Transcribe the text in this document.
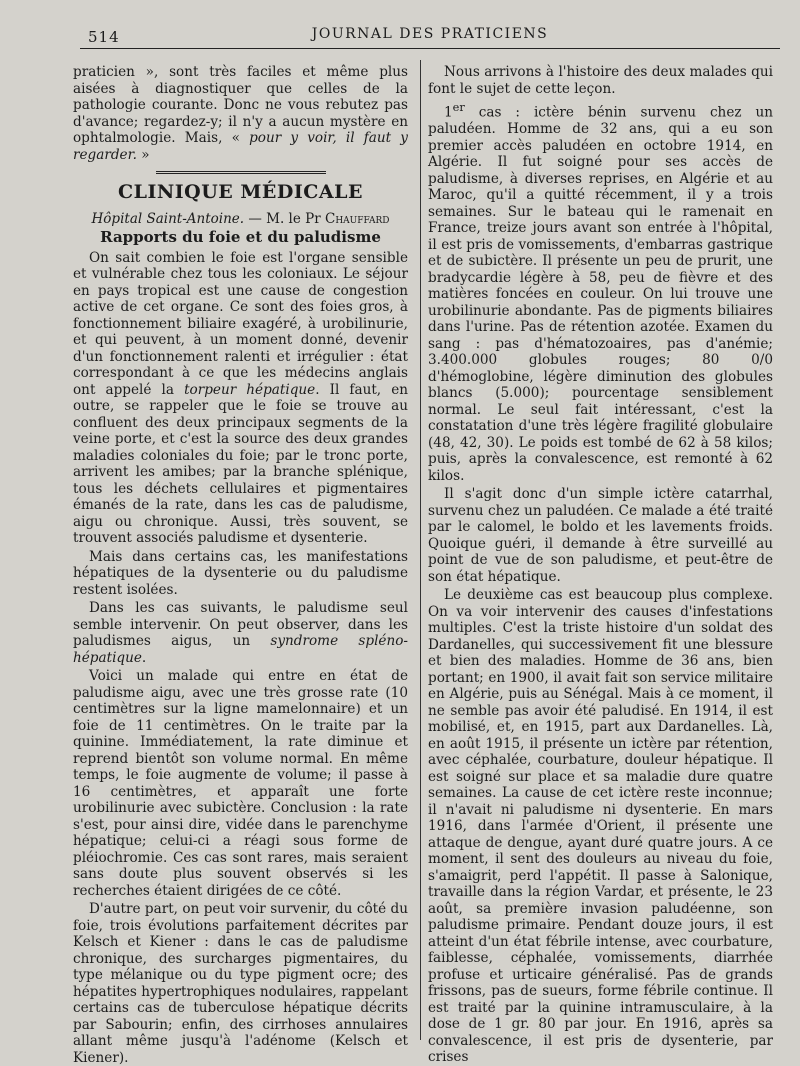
514	JOURNAL DES PRATICIENS

praticien », sont très faciles et même plus aisées à diagnostiquer que celles de la pathologie courante. Donc ne vous rebutez pas d'avance; regardez-y; il n'y a aucun mystère en ophtalmologie. Mais, « pour y voir, il faut y regarder. »

CLINIQUE MÉDICALE
Hôpital Saint-Antoine. — M. le Pr Chauffard
Rapports du foie et du paludisme

On sait combien le foie est l'organe sensible et vulnérable chez tous les coloniaux. Le séjour en pays tropical est une cause de congestion active de cet organe. Ce sont des foies gros, à fonctionnement biliaire exagéré, à urobilinurie, et qui peuvent, à un moment donné, devenir d'un fonctionnement ralenti et irrégulier : état correspondant à ce que les médecins anglais ont appelé la torpeur hépatique. Il faut, en outre, se rappeler que le foie se trouve au confluent des deux principaux segments de la veine porte, et c'est la source des deux grandes maladies coloniales du foie; par le tronc porte, arrivent les amibes; par la branche splénique, tous les déchets cellulaires et pigmentaires émanés de la rate, dans les cas de paludisme, aigu ou chronique. Aussi, très souvent, se trouvent associés paludisme et dysenterie.

Mais dans certains cas, les manifestations hépatiques de la dysenterie ou du paludisme restent isolées.

Dans les cas suivants, le paludisme seul semble intervenir. On peut observer, dans les paludismes aigus, un syndrome spléno-hépatique.

Voici un malade qui entre en état de paludisme aigu, avec une très grosse rate (10 centimètres sur la ligne mamelonnaire) et un foie de 11 centimètres. On le traite par la quinine. Immédiatement, la rate diminue et reprend bientôt son volume normal. En même temps, le foie augmente de volume; il passe à 16 centimètres, et apparaît une forte urobilinurie avec subictère. Conclusion : la rate s'est, pour ainsi dire, vidée dans le parenchyme hépatique; celui-ci a réagi sous forme de pléiochromie. Ces cas sont rares, mais seraient sans doute plus souvent observés si les recherches étaient dirigées de ce côté.

D'autre part, on peut voir survenir, du côté du foie, trois évolutions parfaitement décrites par Kelsch et Kiener : dans le cas de paludisme chronique, des surcharges pigmentaires, du type mélanique ou du type pigment ocre; des hépatites hypertrophiques nodulaires, rappelant certains cas de tuberculose hépatique décrits par Sabourin; enfin, des cirrhoses annulaires allant même jusqu'à l'adénome (Kelsch et Kiener).

Nous arrivons à l'histoire des deux malades qui font le sujet de cette leçon.

1er cas : ictère bénin survenu chez un paludéen. Homme de 32 ans, qui a eu son premier accès paludéen en octobre 1914, en Algérie. Il fut soigné pour ses accès de paludisme, à diverses reprises, en Algérie et au Maroc, qu'il a quitté récemment, il y a trois semaines. Sur le bateau qui le ramenait en France, treize jours avant son entrée à l'hôpital, il est pris de vomissements, d'embarras gastrique et de subictère. Il présente un peu de prurit, une bradycardie légère à 58, peu de fièvre et des matières foncées en couleur. On lui trouve une urobilinurie abondante. Pas de pigments biliaires dans l'urine. Pas de rétention azotée. Examen du sang : pas d'hématozoaires, pas d'anémie; 3.400.000 globules rouges; 80 0/0 d'hémoglobine, légère diminution des globules blancs (5.000); pourcentage sensiblement normal. Le seul fait intéressant, c'est la constatation d'une très légère fragilité globulaire (48, 42, 30). Le poids est tombé de 62 à 58 kilos; puis, après la convalescence, est remonté à 62 kilos.

Il s'agit donc d'un simple ictère catarrhal, survenu chez un paludéen. Ce malade a été traité par le calomel, le boldo et les lavements froids. Quoique guéri, il demande à être surveillé au point de vue de son paludisme, et peut-être de son état hépatique.

Le deuxième cas est beaucoup plus complexe. On va voir intervenir des causes d'infestations multiples. C'est la triste histoire d'un soldat des Dardanelles, qui successivement fit une blessure et bien des maladies. Homme de 36 ans, bien portant; en 1900, il avait fait son service militaire en Algérie, puis au Sénégal. Mais à ce moment, il ne semble pas avoir été paludisé. En 1914, il est mobilisé, et, en 1915, part aux Dardanelles. Là, en août 1915, il présente un ictère par rétention, avec céphalée, courbature, douleur hépatique. Il est soigné sur place et sa maladie dure quatre semaines. La cause de cet ictère reste inconnue; il n'avait ni paludisme ni dysenterie. En mars 1916, dans l'armée d'Orient, il présente une attaque de dengue, ayant duré quatre jours. A ce moment, il sent des douleurs au niveau du foie, s'amaigrit, perd l'appétit. Il passe à Salonique, travaille dans la région Vardar, et présente, le 23 août, sa première invasion paludéenne, son paludisme primaire. Pendant douze jours, il est atteint d'un état fébrile intense, avec courbature, faiblesse, céphalée, vomissements, diarrhée profuse et urticaire généralisé. Pas de grands frissons, pas de sueurs, forme fébrile continue. Il est traité par la quinine intramusculaire, à la dose de 1 gr. 80 par jour. En 1916, après sa convalescence, il est pris de dysenterie, par crises
